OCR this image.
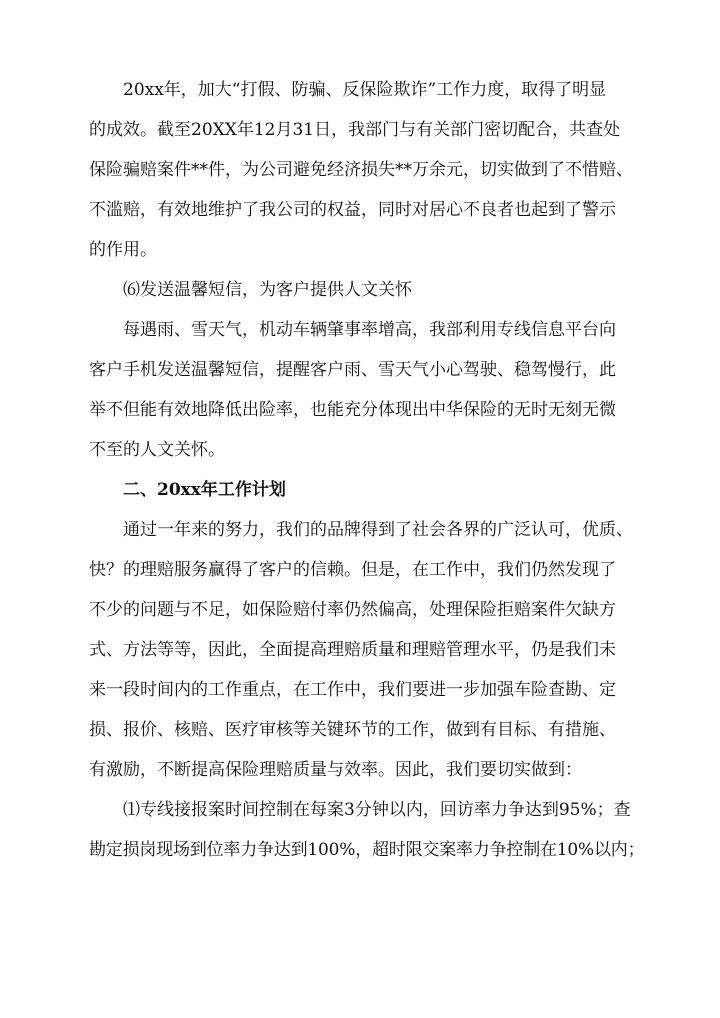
20xx年，加大“打假、防骗、反保险欺诈”工作力度，取得了明显
的成效。截至20XX年12月31日，我部门与有关部门密切配合，共查处
保险骗赔案件**件，为公司避免经济损失**万余元，切实做到了不惜赔、
不滥赔，有效地维护了我公司的权益，同时对居心不良者也起到了警示
的作用。
⑹发送温馨短信，为客户提供人文关怀
每遇雨、雪天气，机动车辆肇事率增高，我部利用专线信息平台向
客户手机发送温馨短信，提醒客户雨、雪天气小心驾驶、稳驾慢行，此
举不但能有效地降低出险率，也能充分体现出中华保险的无时无刻无微
不至的人文关怀。
二、20xx年工作计划
通过一年来的努力，我们的品牌得到了社会各界的广泛认可，优质、
快？的理赔服务赢得了客户的信赖。但是，在工作中，我们仍然发现了
不少的问题与不足，如保险赔付率仍然偏高，处理保险拒赔案件欠缺方
式、方法等等，因此，全面提高理赔质量和理赔管理水平，仍是我们未
来一段时间内的工作重点，在工作中，我们要进一步加强车险查勘、定
损、报价、核赔、医疗审核等关键环节的工作，做到有目标、有措施、
有激励，不断提高保险理赔质量与效率。因此，我们要切实做到：
⑴专线接报案时间控制在每案3分钟以内，回访率力争达到95%；查
勘定损岗现场到位率力争达到100%，超时限交案率力争控制在10%以内；
